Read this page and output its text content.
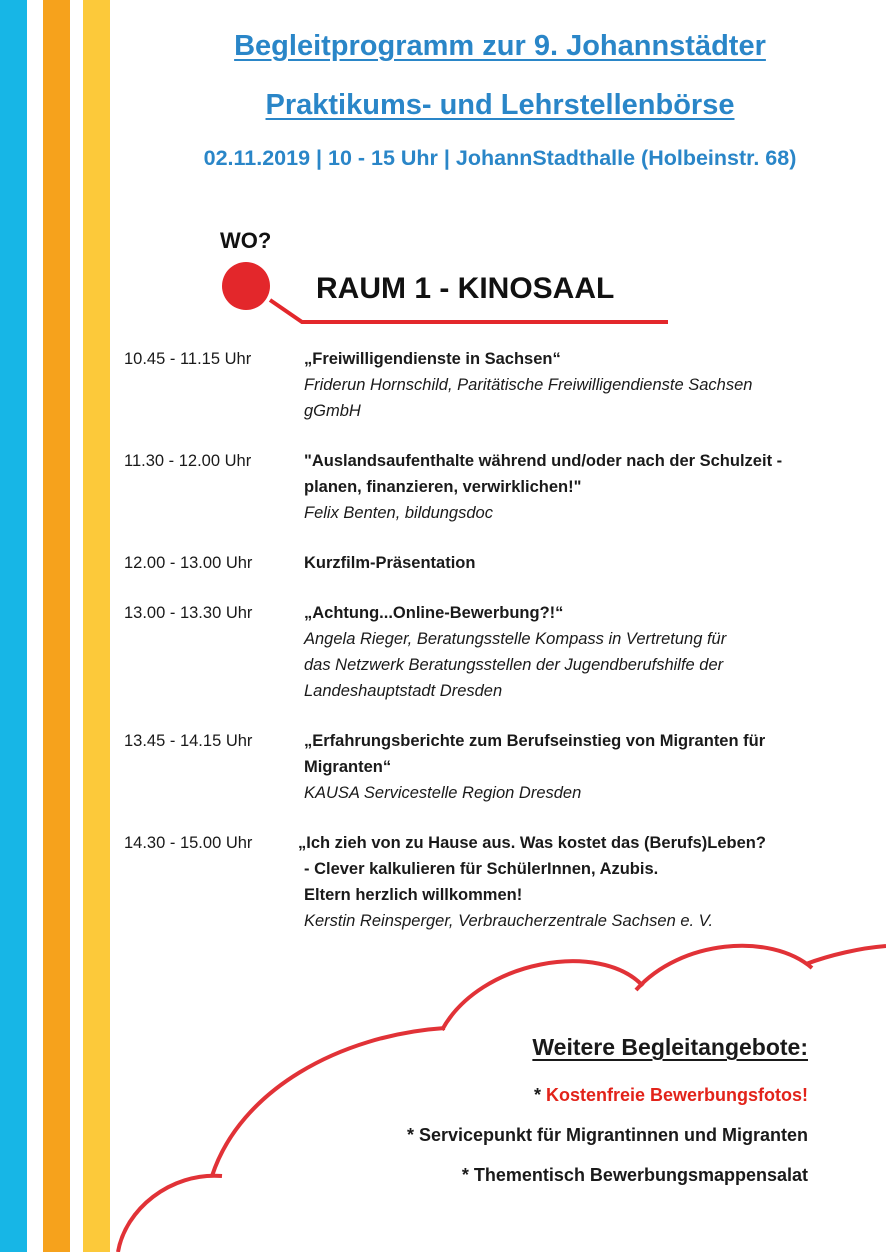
Begleitprogramm zur 9. Johannstädter
Praktikums- und Lehrstellenbörse
02.11.2019 | 10 - 15 Uhr | JohannStadthalle (Holbeinstr. 68)
WO?
RAUM 1 - KINOSAAL
10.45 - 11.15 Uhr	„Freiwilligendienste in Sachsen“
Friderun Hornschild, Paritätische Freiwilligendienste Sachsen
gGmbH
11.30 - 12.00 Uhr	"Auslandsaufenthalte während und/oder nach der Schulzeit -
planen, finanzieren, verwirklichen!"
Felix Benten, bildungsdoc
12.00 - 13.00 Uhr	Kurzfilm-Präsentation
13.00 - 13.30 Uhr	„Achtung...Online-Bewerbung?!“
Angela Rieger, Beratungsstelle Kompass in Vertretung für
das Netzwerk Beratungsstellen der Jugendberufshilfe der
Landeshauptstadt Dresden
13.45 - 14.15 Uhr	„Erfahrungsberichte zum Berufseinstieg von Migranten für
Migranten“
KAUSA Servicestelle Region Dresden
14.30 - 15.00 Uhr	„Ich zieh von zu Hause aus. Was kostet das (Berufs)Leben?
- Clever kalkulieren für SchülerInnen, Azubis.
Eltern herzlich willkommen!
Kerstin Reinsperger, Verbraucherzentrale Sachsen e. V.
Weitere Begleitangebote:
* Kostenfreie Bewerbungsfotos!
* Servicepunkt für Migrantinnen und Migranten
* Thementisch Bewerbungsmappensalat
